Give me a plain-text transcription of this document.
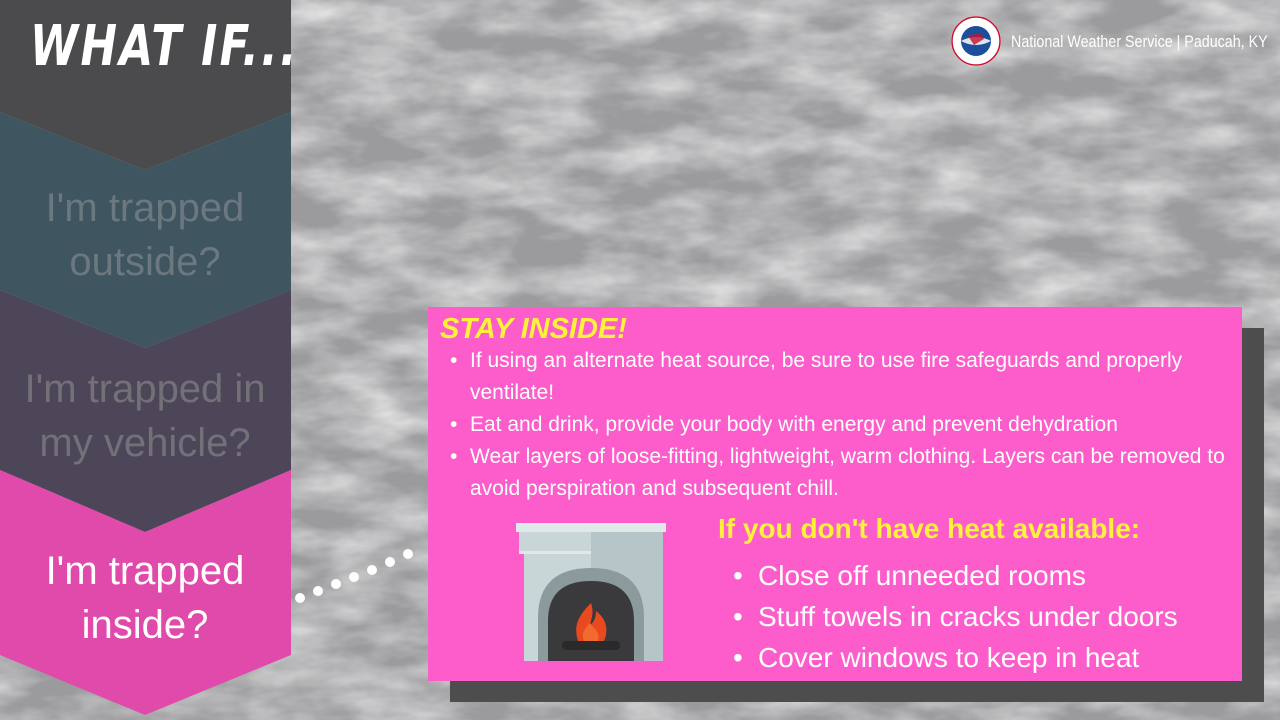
WHAT IF...
I'm trapped
outside?
I'm trapped in
my vehicle?
I'm trapped
inside?
National Weather Service | Paducah, KY
STAY INSIDE!
• If using an alternate heat source, be sure to use fire safeguards and properly ventilate!
• Eat and drink, provide your body with energy and prevent dehydration
• Wear layers of loose-fitting, lightweight, warm clothing. Layers can be removed to avoid perspiration and subsequent chill.
If you don't have heat available:
• Close off unneeded rooms
• Stuff towels in cracks under doors
• Cover windows to keep in heat
